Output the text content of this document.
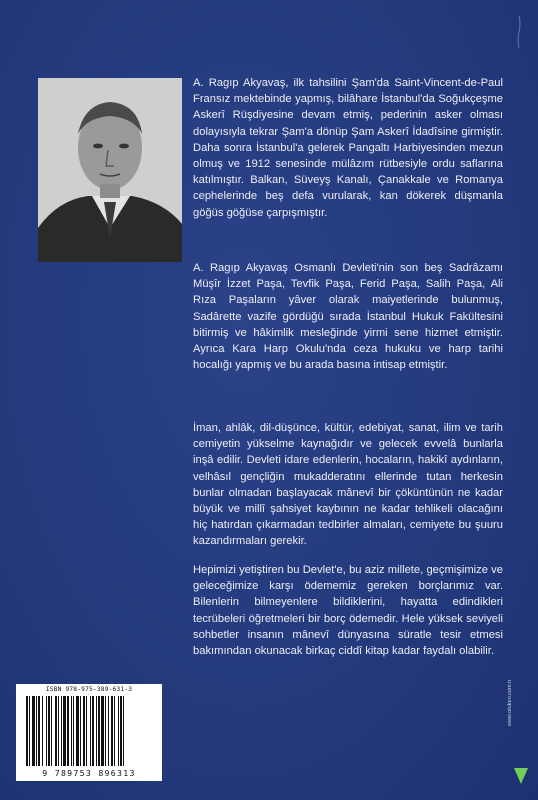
A. Ragıp Akyavaş, ilk tahsilini Şam'da Saint-Vincent-de-Paul Fransız mektebinde yapmış, bilâhare İstanbul'da Soğukçeşme Askerî Rüşdiyesine devam etmiş, pederinin asker olması dolayısıyla tekrar Şam'a dönüp Şam Askerî İdadîsine girmiştir. Daha sonra İstanbul'a gelerek Pangaltı Harbiyesinden mezun olmuş ve 1912 senesinde mülâzım rütbesiyle ordu saflarına katılmıştır. Balkan, Süveyş Kanalı, Çanakkale ve Romanya cephelerinde beş defa vurularak, kan dökerek düşmanla göğüs göğüse çarpışmıştır.

A. Ragıp Akyavaş Osmanlı Devleti'nin son beş Sadrâzamı Müşîr İzzet Paşa, Tevfik Paşa, Ferid Paşa, Salih Paşa, Ali Rıza Paşaların yâver olarak maiyetlerinde bulunmuş, Sadârette vazife gördüğü sırada İstanbul Hukuk Fakültesini bitirmiş ve hâkimlik mesleğinde yirmi sene hizmet etmiştir. Ayrıca Kara Harp Okulu'nda ceza hukuku ve harp tarihi hocalığı yapmış ve bu arada basına intisap etmiştir.

İman, ahlâk, dil-düşünce, kültür, edebiyat, sanat, ilim ve tarih cemiyetin yükselme kaynağıdır ve gelecek evvelâ bunlarla inşâ edilir. Devleti idare edenlerin, hocaların, hakikî aydınların, velhâsıl gençliğin mukadderatını ellerinde tutan herkesin bunlar olmadan başlayacak mânevî bir çöküntünün ne kadar büyük ve millî şahsiyet kaybının ne kadar tehlikeli olacağını hiç hatırdan çıkarmadan tedbirler almaları, cemiyete bu şuuru kazandırmaları gerekir.

Hepimizi yetiştiren bu Devlet'e, bu aziz millete, geçmişimize ve geleceğimize karşı ödememiz gereken borçlarımız var. Bilenlerin bilmeyenlere bildiklerini, hayatta edindikleri tecrübeleri öğretmeleri bir borç ödemedir. Hele yüksek seviyeli sohbetler insanın mânevî dünyasına süratle tesir etmesi bakımından okunacak birkaç ciddî kitap kadar faydalı olabilir.

ISBN 978-975-389-631-3
9 789753 896313
www.otuken.com.tr
